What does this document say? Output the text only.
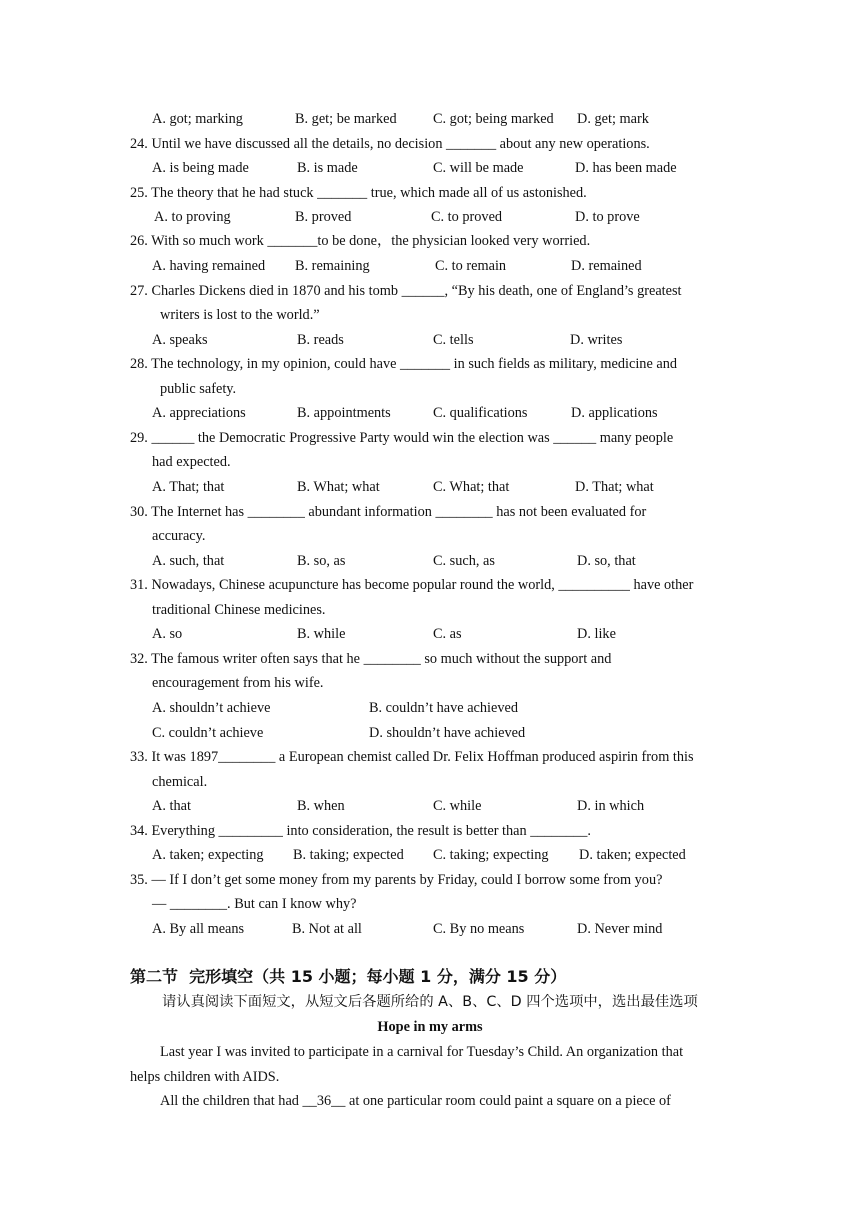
A. got; marking	B. get; be marked	C. got; being marked D. get; mark
24. Until we have discussed all the details, no decision _______ about any new operations.
A. is being made	B. is made	C. will be made	D. has been made
25. The theory that he had stuck _______ true, which made all of us astonished.
A. to proving	B. proved	C. to proved	D. to prove
26. With so much work _______to be done，the physician looked very worried.
A. having remained B. remaining	C. to remain	D. remained
27. Charles Dickens died in 1870 and his tomb ______, “By his death, one of England’s greatest
writers is lost to the world.”
A. speaks	B. reads	C. tells	D. writes
28. The technology, in my opinion, could have _______ in such fields as military, medicine and
public safety.
A. appreciations	B. appointments	C. qualifications	D. applications
29. ______ the Democratic Progressive Party would win the election was ______ many people
had expected.
A. That; that	B. What; what	C. What; that	D. That; what
30. The Internet has ________ abundant information ________ has not been evaluated for
accuracy.
A. such, that	B. so, as	C. such, as	D. so, that
31. Nowadays, Chinese acupuncture has become popular round the world, __________ have other
traditional Chinese medicines.
A. so	B. while	C. as	D. like
32. The famous writer often says that he ________ so much without the support and
encouragement from his wife.
A. shouldn’t achieve	B. couldn’t have achieved
C. couldn’t achieve	D. shouldn’t have achieved
33. It was 1897________ a European chemist called Dr. Felix Hoffman produced aspirin from this
chemical.
A. that	B. when	C. while	D. in which
34. Everything _________ into consideration, the result is better than ________.
A. taken; expecting B. taking; expected C. taking; expecting D. taken; expected
35. — If I don’t get some money from my parents by Friday, could I borrow some from you?
— ________. But can I know why?
A. By all means	B. Not at all	C. By no means	D. Never mind
第二节  完形填空（共 15 小题；每小题 1 分，满分 15 分）
请认真阅读下面短文，从短文后各题所给的 A、B、C、D 四个选项中，选出最佳选项
Hope in my arms
Last year I was invited to participate in a carnival for Tuesday’s Child. An organization that
helps children with AIDS.
All the children that had __36__ at one particular room could paint a square on a piece of
